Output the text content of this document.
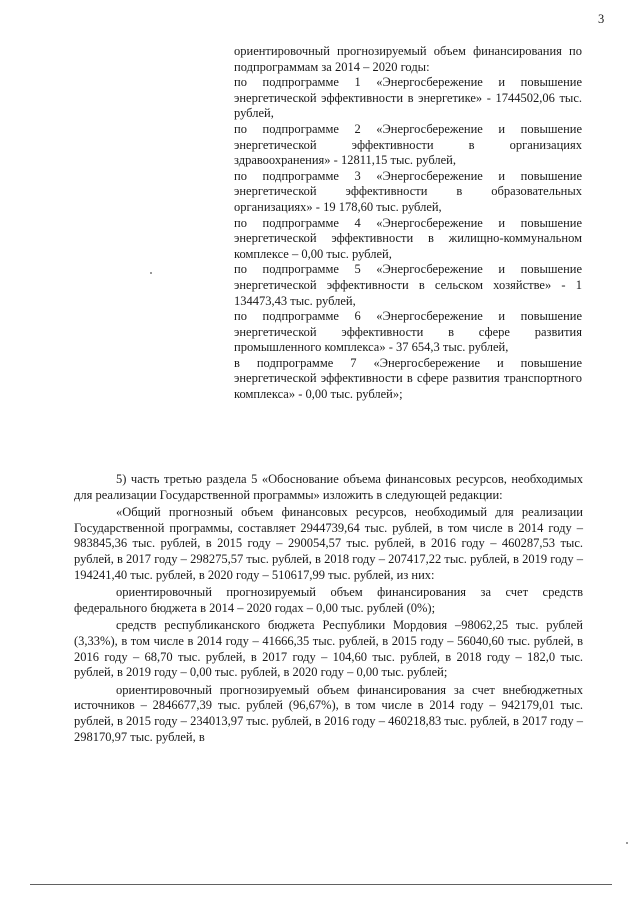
3

ориентировочный прогнозируемый объем финансирования по подпрограммам за 2014 – 2020 годы:

по подпрограмме 1 «Энергосбережение и повышение энергетической эффективности в энергетике» - 1744502,06 тыс. рублей,

по подпрограмме 2 «Энергосбережение и повышение энергетической эффективности в организациях здравоохранения» - 12811,15 тыс. рублей,

по подпрограмме 3 «Энергосбережение и повышение энергетической эффективности в образовательных организациях» - 19 178,60 тыс. рублей,

по подпрограмме 4 «Энергосбережение и повышение энергетической эффективности в жилищно-коммунальном комплексе – 0,00 тыс. рублей,

по подпрограмме 5 «Энергосбережение и повышение энергетической эффективности в сельском хозяйстве» - 1 134473,43 тыс. рублей,

по подпрограмме 6 «Энергосбережение и повышение энергетической эффективности в сфере развития промышленного комплекса» - 37 654,3 тыс. рублей,

в подпрограмме 7 «Энергосбережение и повышение энергетической эффективности в сфере развития транспортного комплекса» - 0,00 тыс. рублей»;

5) часть третью раздела 5 «Обоснование объема финансовых ресурсов, необходимых для реализации Государственной программы» изложить в следующей редакции:

«Общий прогнозный объем финансовых ресурсов, необходимый для реализации Государственной программы, составляет 2944739,64 тыс. рублей, в том числе в 2014 году – 983845,36 тыс. рублей, в 2015 году – 290054,57 тыс. рублей, в 2016 году – 460287,53 тыс. рублей, в 2017 году – 298275,57 тыс. рублей, в 2018 году – 207417,22 тыс. рублей, в 2019 году – 194241,40 тыс. рублей, в 2020 году – 510617,99 тыс. рублей, из них:

ориентировочный прогнозируемый объем финансирования за счет средств федерального бюджета в 2014 – 2020 годах – 0,00 тыс. рублей (0%);

средств республиканского бюджета Республики Мордовия –98062,25 тыс. рублей (3,33%), в том числе в 2014 году – 41666,35 тыс. рублей, в 2015 году – 56040,60 тыс. рублей, в 2016 году – 68,70 тыс. рублей, в 2017 году – 104,60 тыс. рублей, в 2018 году – 182,0 тыс. рублей, в 2019 году – 0,00 тыс. рублей, в 2020 году – 0,00 тыс. рублей;

ориентировочный прогнозируемый объем финансирования за счет внебюджетных источников – 2846677,39 тыс. рублей (96,67%), в том числе в 2014 году – 942179,01 тыс. рублей, в 2015 году – 234013,97 тыс. рублей, в 2016 году – 460218,83 тыс. рублей, в 2017 году –298170,97 тыс. рублей, в
